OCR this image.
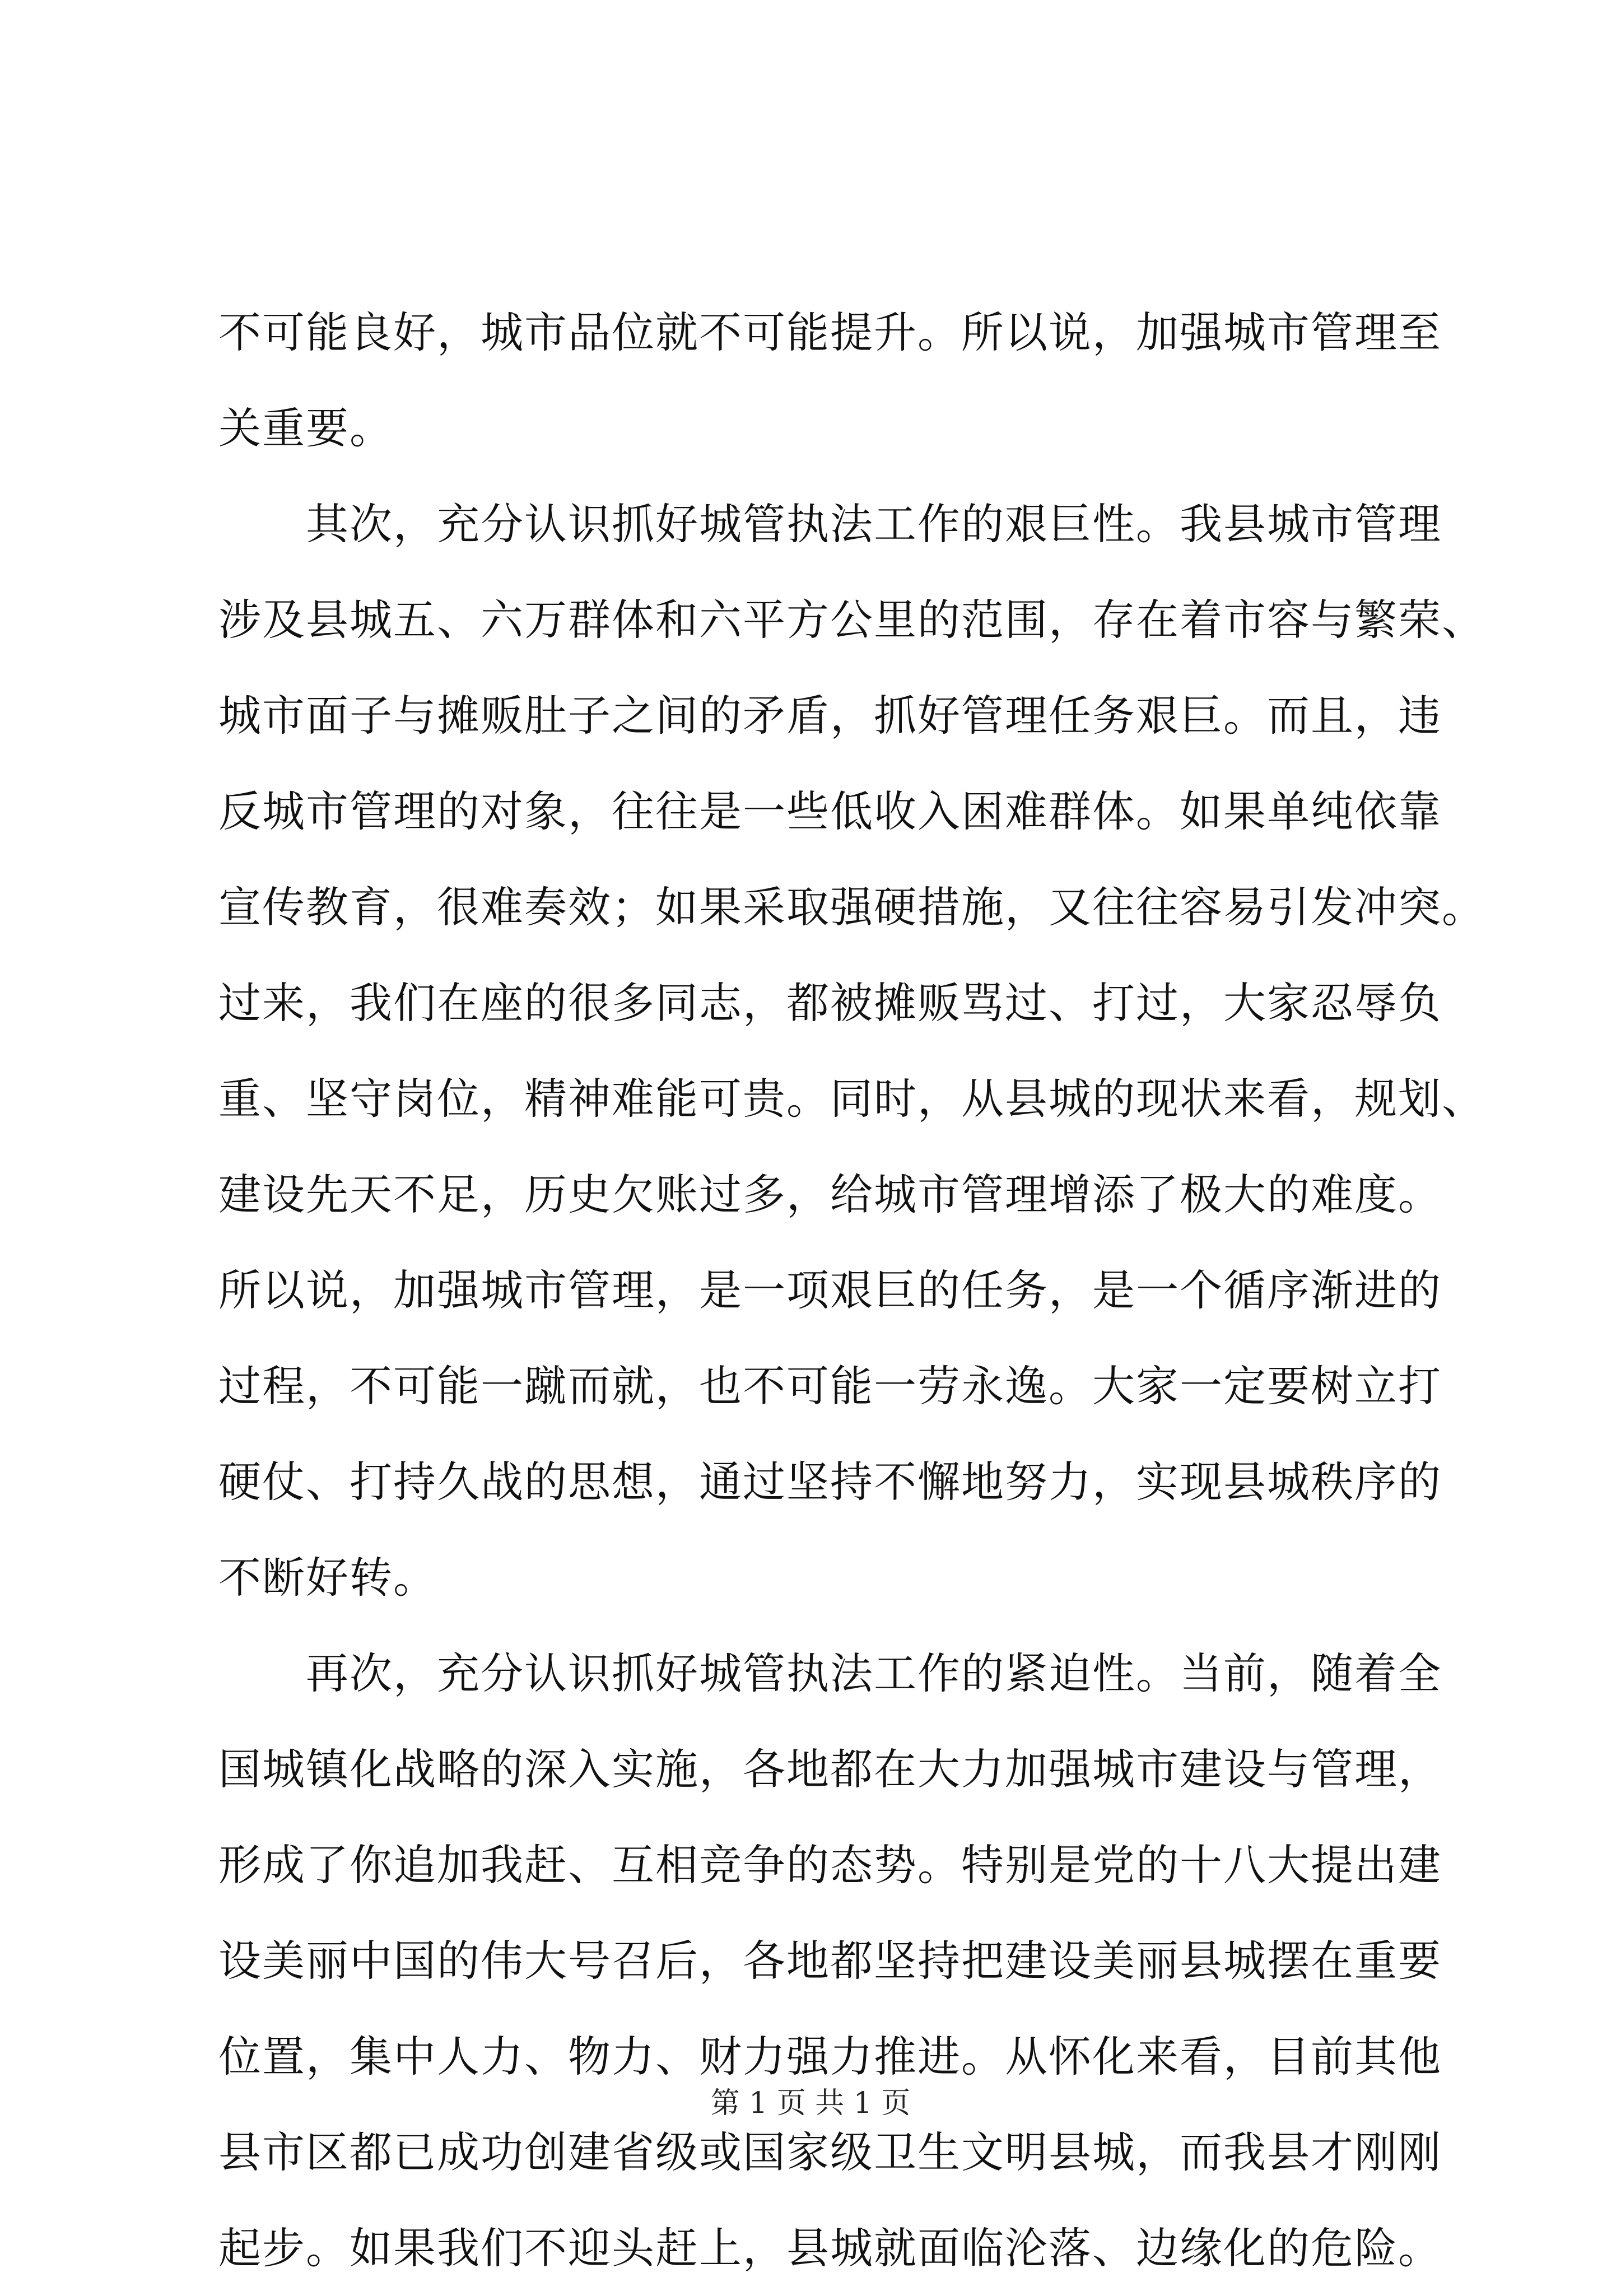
不可能良好，城市品位就不可能提升。所以说，加强城市管理至
关重要。
　　其次，充分认识抓好城管执法工作的艰巨性。我县城市管理
涉及县城五、六万群体和六平方公里的范围，存在着市容与繁荣、
城市面子与摊贩肚子之间的矛盾，抓好管理任务艰巨。而且，违
反城市管理的对象，往往是一些低收入困难群体。如果单纯依靠
宣传教育，很难奏效；如果采取强硬措施，又往往容易引发冲突。
过来，我们在座的很多同志，都被摊贩骂过、打过，大家忍辱负
重、坚守岗位，精神难能可贵。同时，从县城的现状来看，规划、
建设先天不足，历史欠账过多，给城市管理增添了极大的难度。
所以说，加强城市管理，是一项艰巨的任务，是一个循序渐进的
过程，不可能一蹴而就，也不可能一劳永逸。大家一定要树立打
硬仗、打持久战的思想，通过坚持不懈地努力，实现县城秩序的
不断好转。
　　再次，充分认识抓好城管执法工作的紧迫性。当前，随着全
国城镇化战略的深入实施，各地都在大力加强城市建设与管理，
形成了你追加我赶、互相竞争的态势。特别是党的十八大提出建
设美丽中国的伟大号召后，各地都坚持把建设美丽县城摆在重要
位置，集中人力、物力、财力强力推进。从怀化来看，目前其他
县市区都已成功创建省级或国家级卫生文明县城，而我县才刚刚
起步。如果我们不迎头赶上，县城就面临沦落、边缘化的危险。
第 1 页 共 1 页
